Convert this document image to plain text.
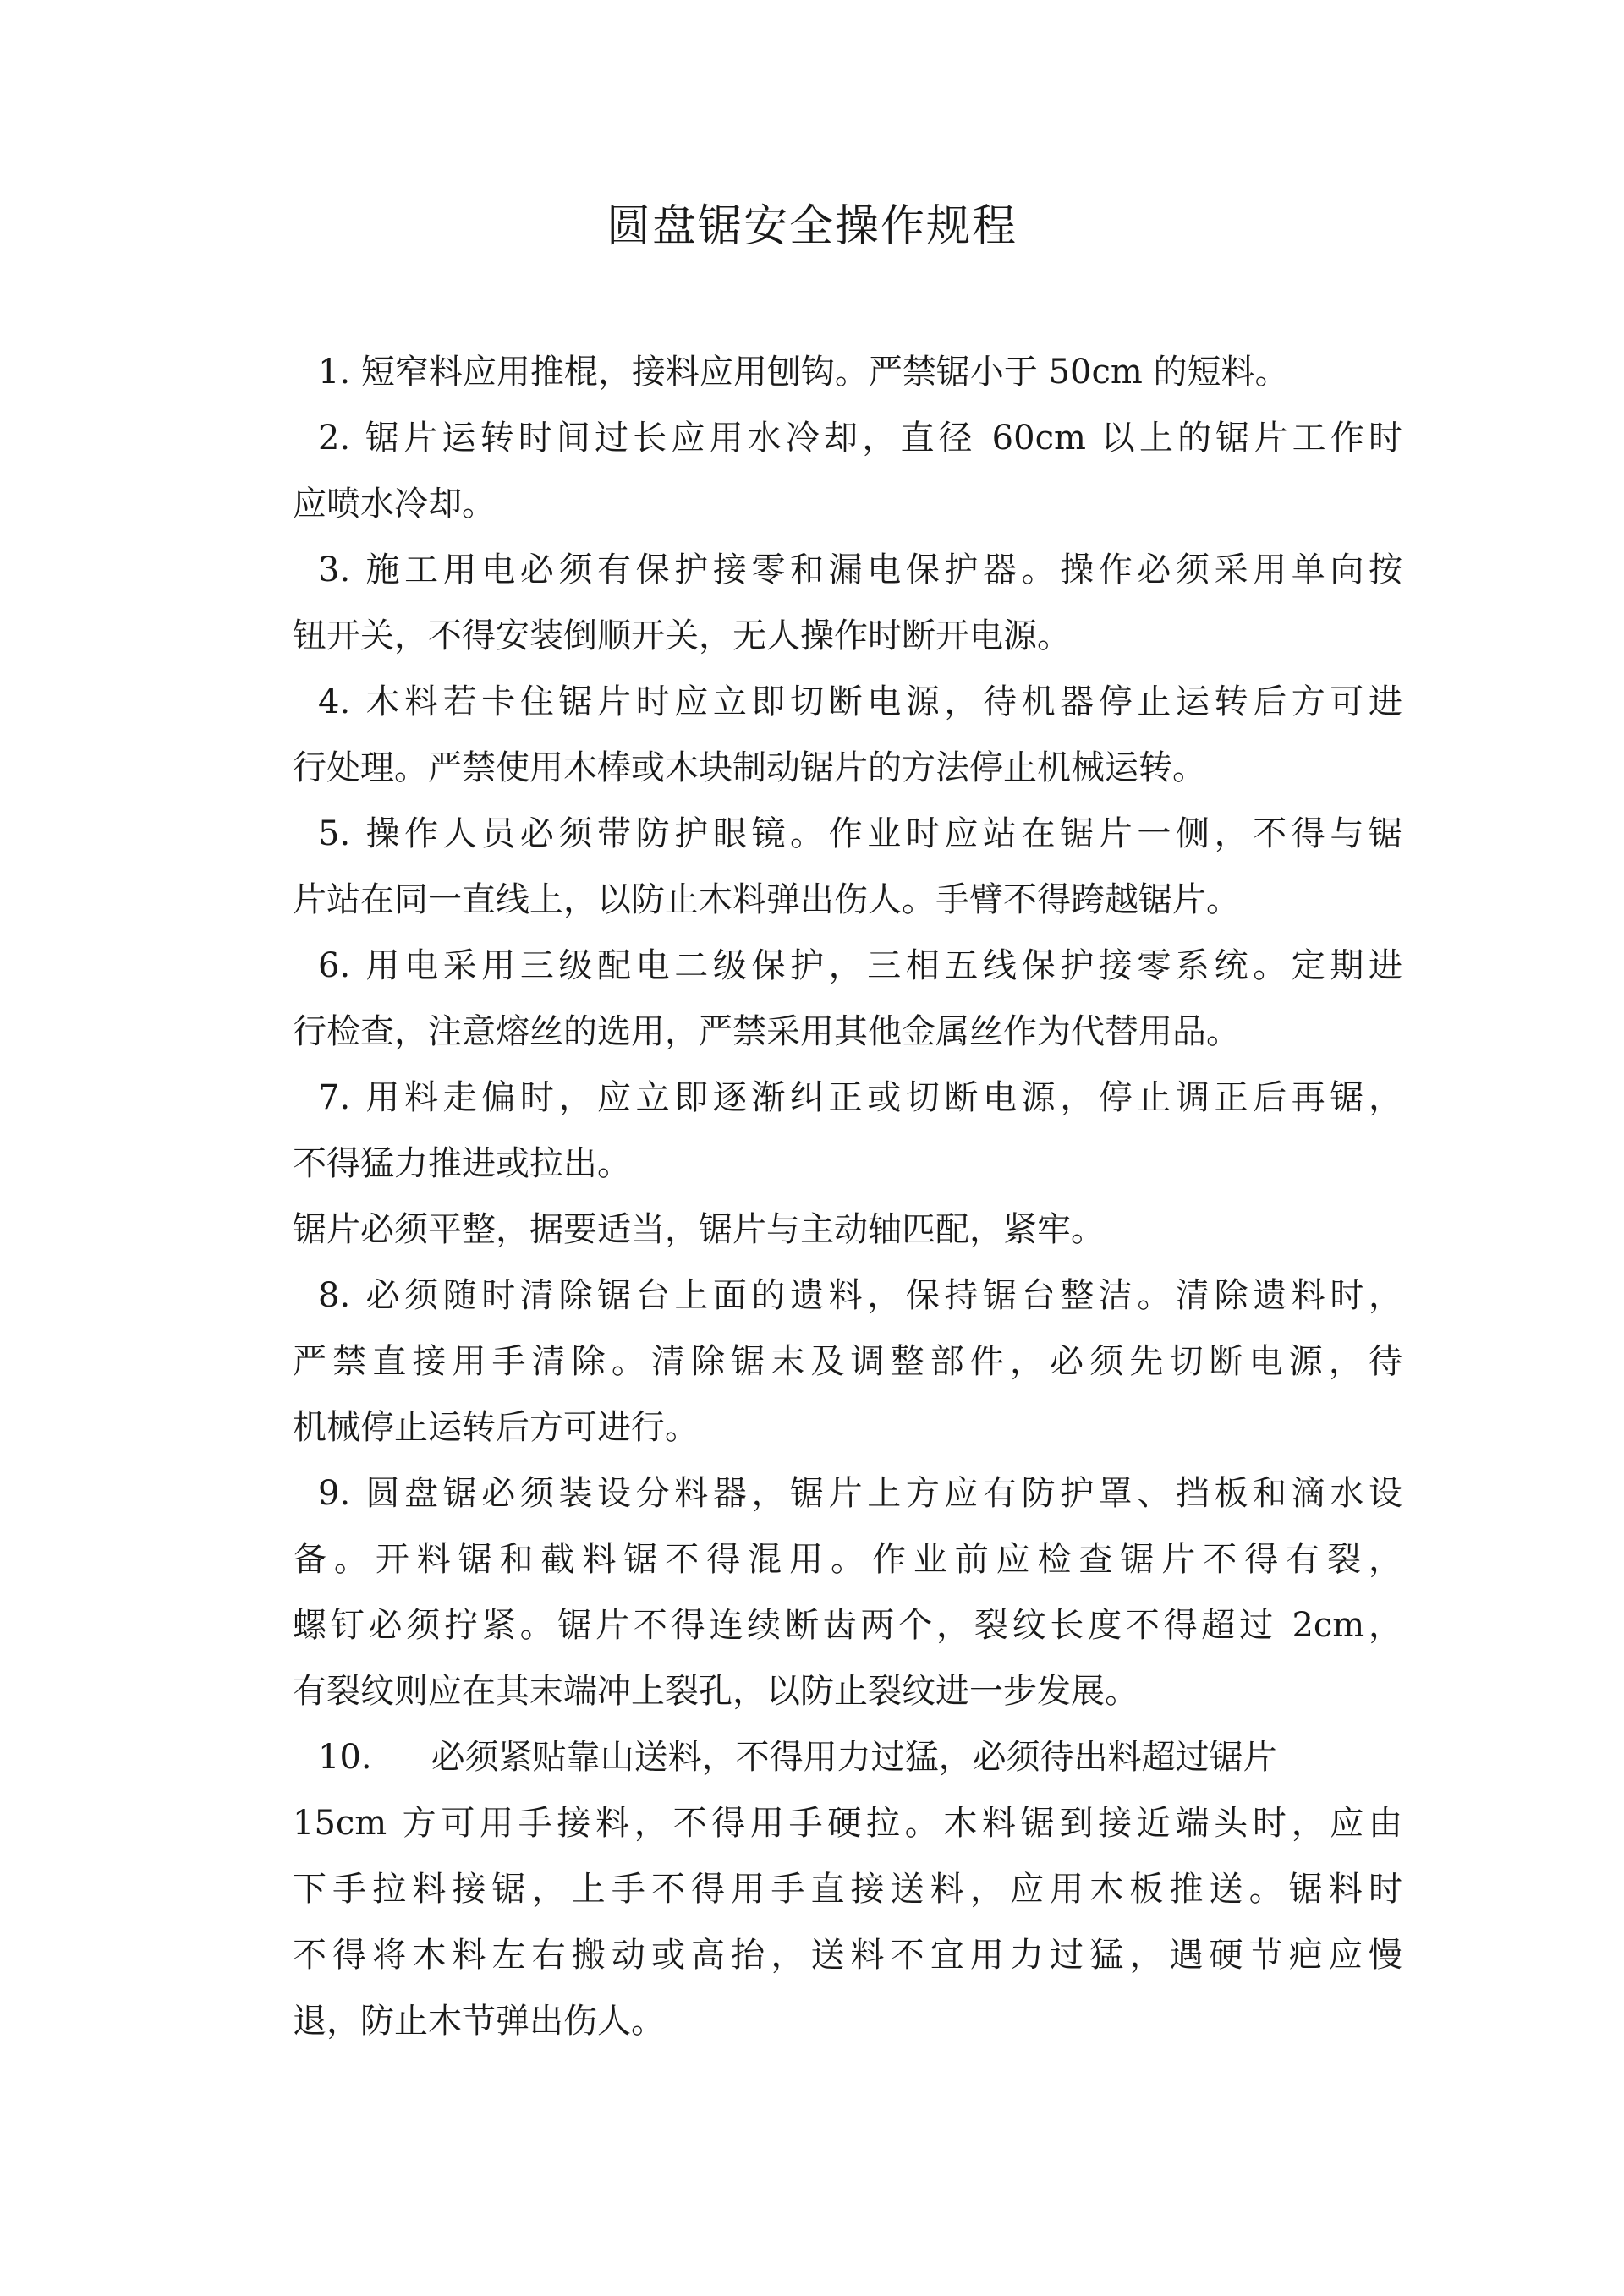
圆盘锯安全操作规程

1. 短窄料应用推棍，接料应用刨钩。严禁锯小于 50cm 的短料。

2. 锯片运转时间过长应用水冷却，直径 60cm 以上的锯片工作时

应喷水冷却。

3. 施工用电必须有保护接零和漏电保护器。操作必须采用单向按

钮开关，不得安装倒顺开关，无人操作时断开电源。

4. 木料若卡住锯片时应立即切断电源，待机器停止运转后方可进

行处理。严禁使用木棒或木块制动锯片的方法停止机械运转。

5. 操作人员必须带防护眼镜。作业时应站在锯片一侧，不得与锯

片站在同一直线上，以防止木料弹出伤人。手臂不得跨越锯片。

6. 用电采用三级配电二级保护，三相五线保护接零系统。定期进

行检查，注意熔丝的选用，严禁采用其他金属丝作为代替用品。

7. 用料走偏时，应立即逐渐纠正或切断电源，停止调正后再锯，

不得猛力推进或拉出。

锯片必须平整，据要适当，锯片与主动轴匹配，紧牢。

8. 必须随时清除锯台上面的遗料，保持锯台整洁。清除遗料时，

严禁直接用手清除。清除锯末及调整部件，必须先切断电源，待

机械停止运转后方可进行。

9. 圆盘锯必须装设分料器，锯片上方应有防护罩、挡板和滴水设

备。开料锯和截料锯不得混用。作业前应检查锯片不得有裂，

螺钉必须拧紧。锯片不得连续断齿两个，裂纹长度不得超过 2cm，

有裂纹则应在其末端冲上裂孔，以防止裂纹进一步发展。

10. 必须紧贴靠山送料，不得用力过猛，必须待出料超过锯片

15cm 方可用手接料，不得用手硬拉。木料锯到接近端头时，应由

下手拉料接锯，上手不得用手直接送料，应用木板推送。锯料时

不得将木料左右搬动或高抬，送料不宜用力过猛，遇硬节疤应慢

退，防止木节弹出伤人。
